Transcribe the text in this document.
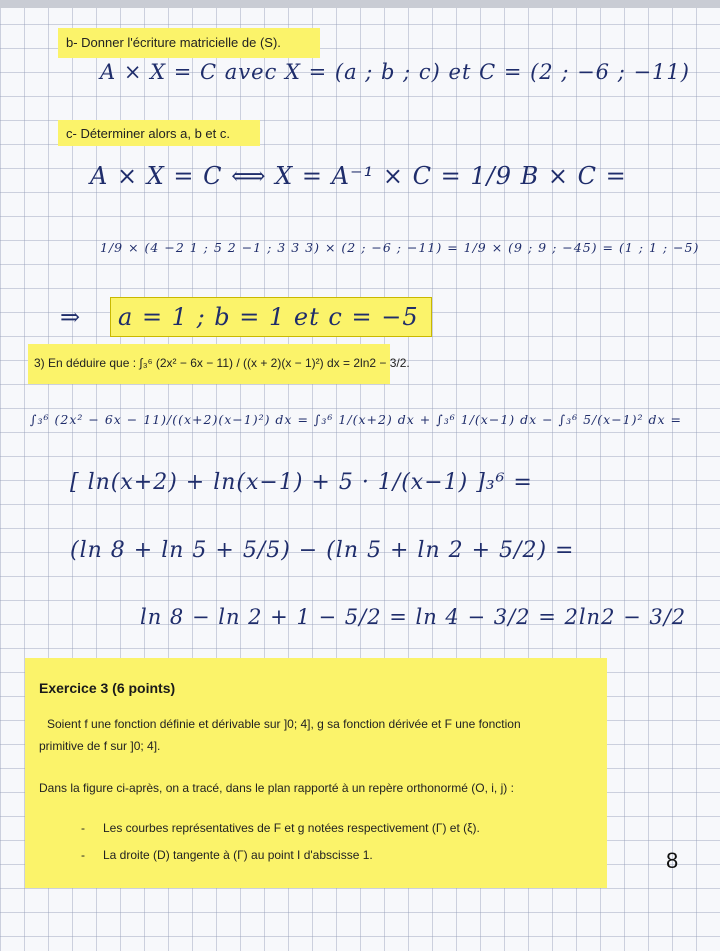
b- Donner l'écriture matricielle de (S).
A × X = C avec X = (a ; b ; c) et C = (2 ; −6 ; −11)
c- Déterminer alors a, b et c.
A × X = C ⟺ X = A⁻¹ × C = 1/9 B × C =
1/9 × (4 −2 1 ; 5 2 −1 ; 3 3 3) × (2 ; −6 ; −11) = 1/9 × (9 ; 9 ; −45) = (1 ; 1 ; −5)
⇒ a = 1 ; b = 1 et c = −5
3) En déduire que : ∫₃⁶ (2x² − 6x − 11) / ((x + 2)(x − 1)²) dx = 2ln2 − 3/2.
∫₃⁶ (2x² − 6x − 11)/((x+2)(x−1)²) dx = ∫₃⁶ 1/(x+2) dx + ∫₃⁶ 1/(x−1) dx − ∫₃⁶ 5/(x−1)² dx =
[ ln(x+2) + ln(x−1) + 5 · 1/(x−1) ]₃⁶ =
(ln 8 + ln 5 + 5/5) − (ln 5 + ln 2 + 5/2) =
ln 8 − ln 2 + 1 − 5/2 = ln 4 − 3/2 = 2ln2 − 3/2
Exercice 3 (6 points)
Soient f une fonction définie et dérivable sur ]0; 4], g sa fonction dérivée et F une fonction
primitive de f sur ]0; 4].
Dans la figure ci-après, on a tracé, dans le plan rapporté à un repère orthonormé (O, i, j) :
- Les courbes représentatives de F et g notées respectivement (Γ) et (ξ).
- La droite (D) tangente à (Γ) au point I d'abscisse 1.	8
